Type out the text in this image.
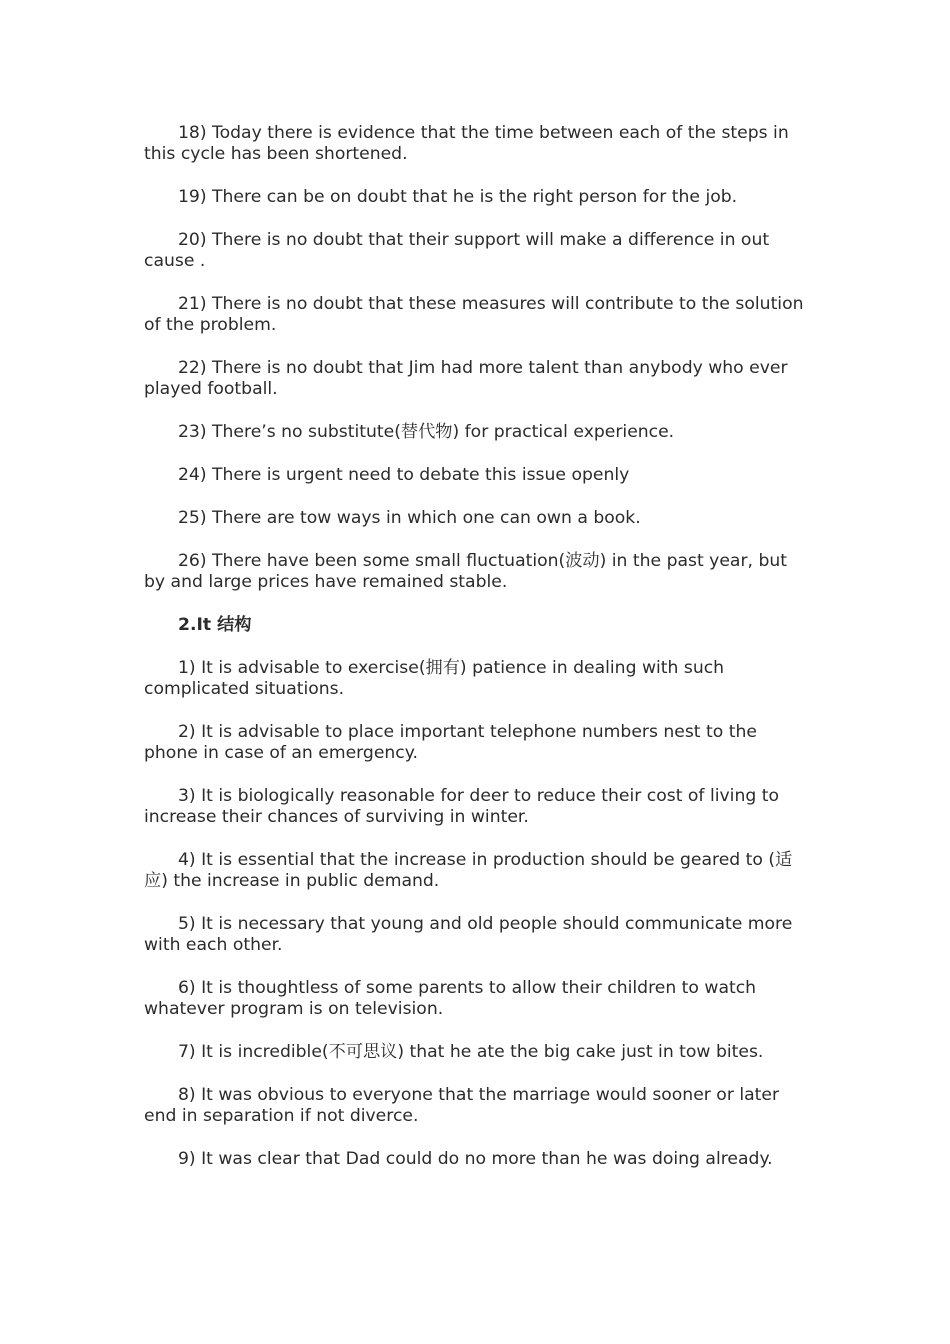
18) Today there is evidence that the time between each of the steps in this cycle has been shortened.

19) There can be on doubt that he is the right person for the job.

20) There is no doubt that their support will make a difference in out cause .

21) There is no doubt that these measures will contribute to the solution of the problem.

22) There is no doubt that Jim had more talent than anybody who ever played football.

23) There’s no substitute(替代物) for practical experience.

24) There is urgent need to debate this issue openly

25) There are tow ways in which one can own a book.

26) There have been some small fluctuation(波动) in the past year, but by and large prices have remained stable.

2.It 结构

1) It is advisable to exercise(拥有) patience in dealing with such complicated situations.

2) It is advisable to place important telephone numbers nest to the phone in case of an emergency.

3) It is biologically reasonable for deer to reduce their cost of living to increase their chances of surviving in winter.

4) It is essential that the increase in production should be geared to (适应) the increase in public demand.

5) It is necessary that young and old people should communicate more with each other.

6) It is thoughtless of some parents to allow their children to watch whatever program is on television.

7) It is incredible(不可思议) that he ate the big cake just in tow bites.

8) It was obvious to everyone that the marriage would sooner or later end in separation if not diverce.

9) It was clear that Dad could do no more than he was doing already.
